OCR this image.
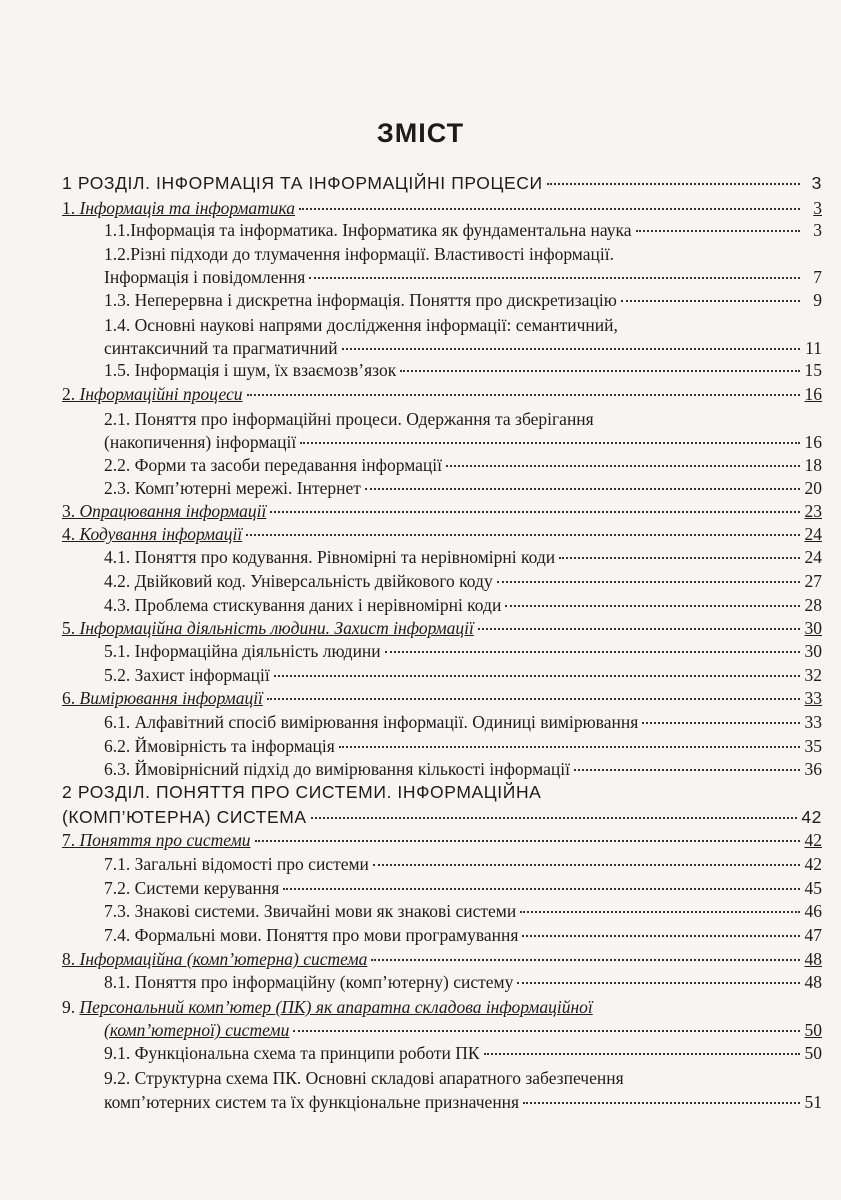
ЗМІСТ
1 РОЗДІЛ. ІНФОРМАЦІЯ ТА ІНФОРМАЦІЙНІ ПРОЦЕСИ	3
1. Інформація та інформатика	3
1.1.Інформація та інформатика. Інформатика як фундаментальна наука	3
1.2.Різні підходи до тлумачення інформації. Властивості інформації.
Інформація і повідомлення	7
1.3. Неперервна і дискретна інформація. Поняття про дискретизацію	9
1.4. Основні наукові напрями дослідження інформації: семантичний,
синтаксичний та прагматичний	11
1.5. Інформація і шум, їх взаємозв’язок	15
2. Інформаційні процеси	16
2.1. Поняття про інформаційні процеси. Одержання та зберігання
(накопичення) інформації	16
2.2. Форми та засоби передавання інформації	18
2.3. Комп’ютерні мережі. Інтернет	20
3. Опрацювання інформації	23
4. Кодування інформації	24
4.1. Поняття про кодування. Рівномірні та нерівномірні коди	24
4.2. Двійковий код. Універсальність двійкового коду	27
4.3. Проблема стискування даних і нерівномірні коди	28
5. Інформаційна діяльність людини. Захист інформації	30
5.1. Інформаційна діяльність людини	30
5.2. Захист інформації	32
6. Вимірювання інформації	33
6.1. Алфавітний спосіб вимірювання інформації. Одиниці вимірювання	33
6.2. Ймовірність та інформація	35
6.3. Ймовірнісний підхід до вимірювання кількості інформації	36
2 РОЗДІЛ. ПОНЯТТЯ ПРО СИСТЕМИ. ІНФОРМАЦІЙНА
(КОМП’ЮТЕРНА) СИСТЕМА	42
7. Поняття про системи	42
7.1. Загальні відомості про системи	42
7.2. Системи керування	45
7.3. Знакові системи. Звичайні мови як знакові системи	46
7.4. Формальні мови. Поняття про мови програмування	47
8. Інформаційна (комп’ютерна) система	48
8.1. Поняття про інформаційну (комп’ютерну) систему	48
9. Персональний комп’ютер (ПК) як апаратна складова інформаційної
(комп’ютерної) системи	50
9.1. Функціональна схема та принципи роботи ПК	50
9.2. Структурна схема ПК. Основні складові апаратного забезпечення
комп’ютерних систем та їх функціональне призначення	51
